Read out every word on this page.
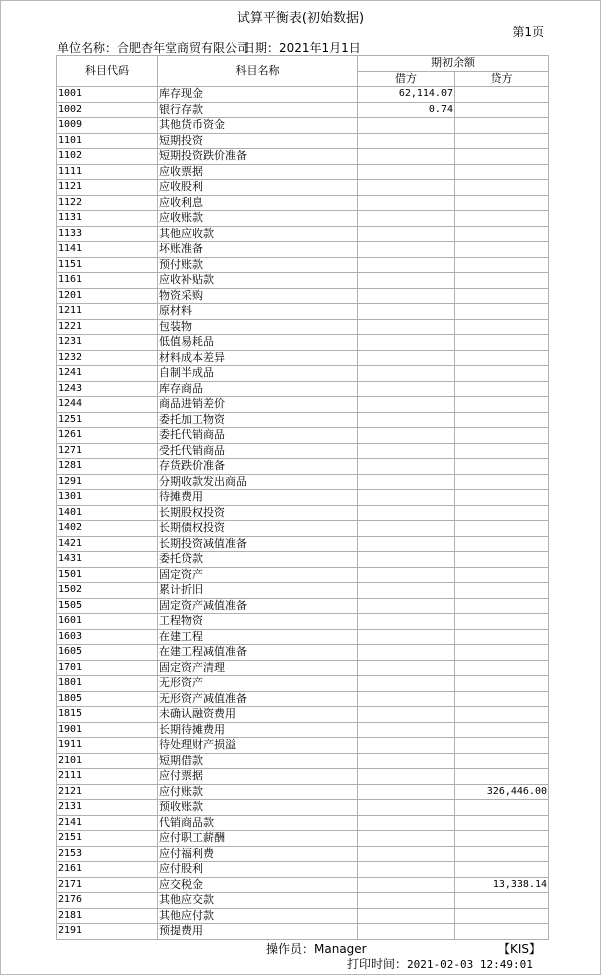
试算平衡表(初始数据)
第1页
单位名称：合肥杏年堂商贸有限公司
日期：2021年1月1日
科目代码	科目名称	期初余额	
		借方	贷方
1001	库存现金	62,114.07	
1002	银行存款	0.74	
1009	其他货币资金		
1101	短期投资		
1102	短期投资跌价准备		
1111	应收票据		
1121	应收股利		
1122	应收利息		
1131	应收账款		
1133	其他应收款		
1141	坏账准备		
1151	预付账款		
1161	应收补贴款		
1201	物资采购		
1211	原材料		
1221	包装物		
1231	低值易耗品		
1232	材料成本差异		
1241	自制半成品		
1243	库存商品		
1244	商品进销差价		
1251	委托加工物资		
1261	委托代销商品		
1271	受托代销商品		
1281	存货跌价准备		
1291	分期收款发出商品		
1301	待摊费用		
1401	长期股权投资		
1402	长期债权投资		
1421	长期投资减值准备		
1431	委托贷款		
1501	固定资产		
1502	累计折旧		
1505	固定资产减值准备		
1601	工程物资		
1603	在建工程		
1605	在建工程减值准备		
1701	固定资产清理		
1801	无形资产		
1805	无形资产减值准备		
1815	未确认融资费用		
1901	长期待摊费用		
1911	待处理财产损溢		
2101	短期借款		
2111	应付票据		
2121	应付账款		326,446.00
2131	预收账款		
2141	代销商品款		
2151	应付职工薪酬		
2153	应付福利费		
2161	应付股利		
2171	应交税金		13,338.14
2176	其他应交款		
2181	其他应付款		
2191	预提费用		
操作员：Manager	【KIS】
打印时间：2021-02-03 12:49:01
